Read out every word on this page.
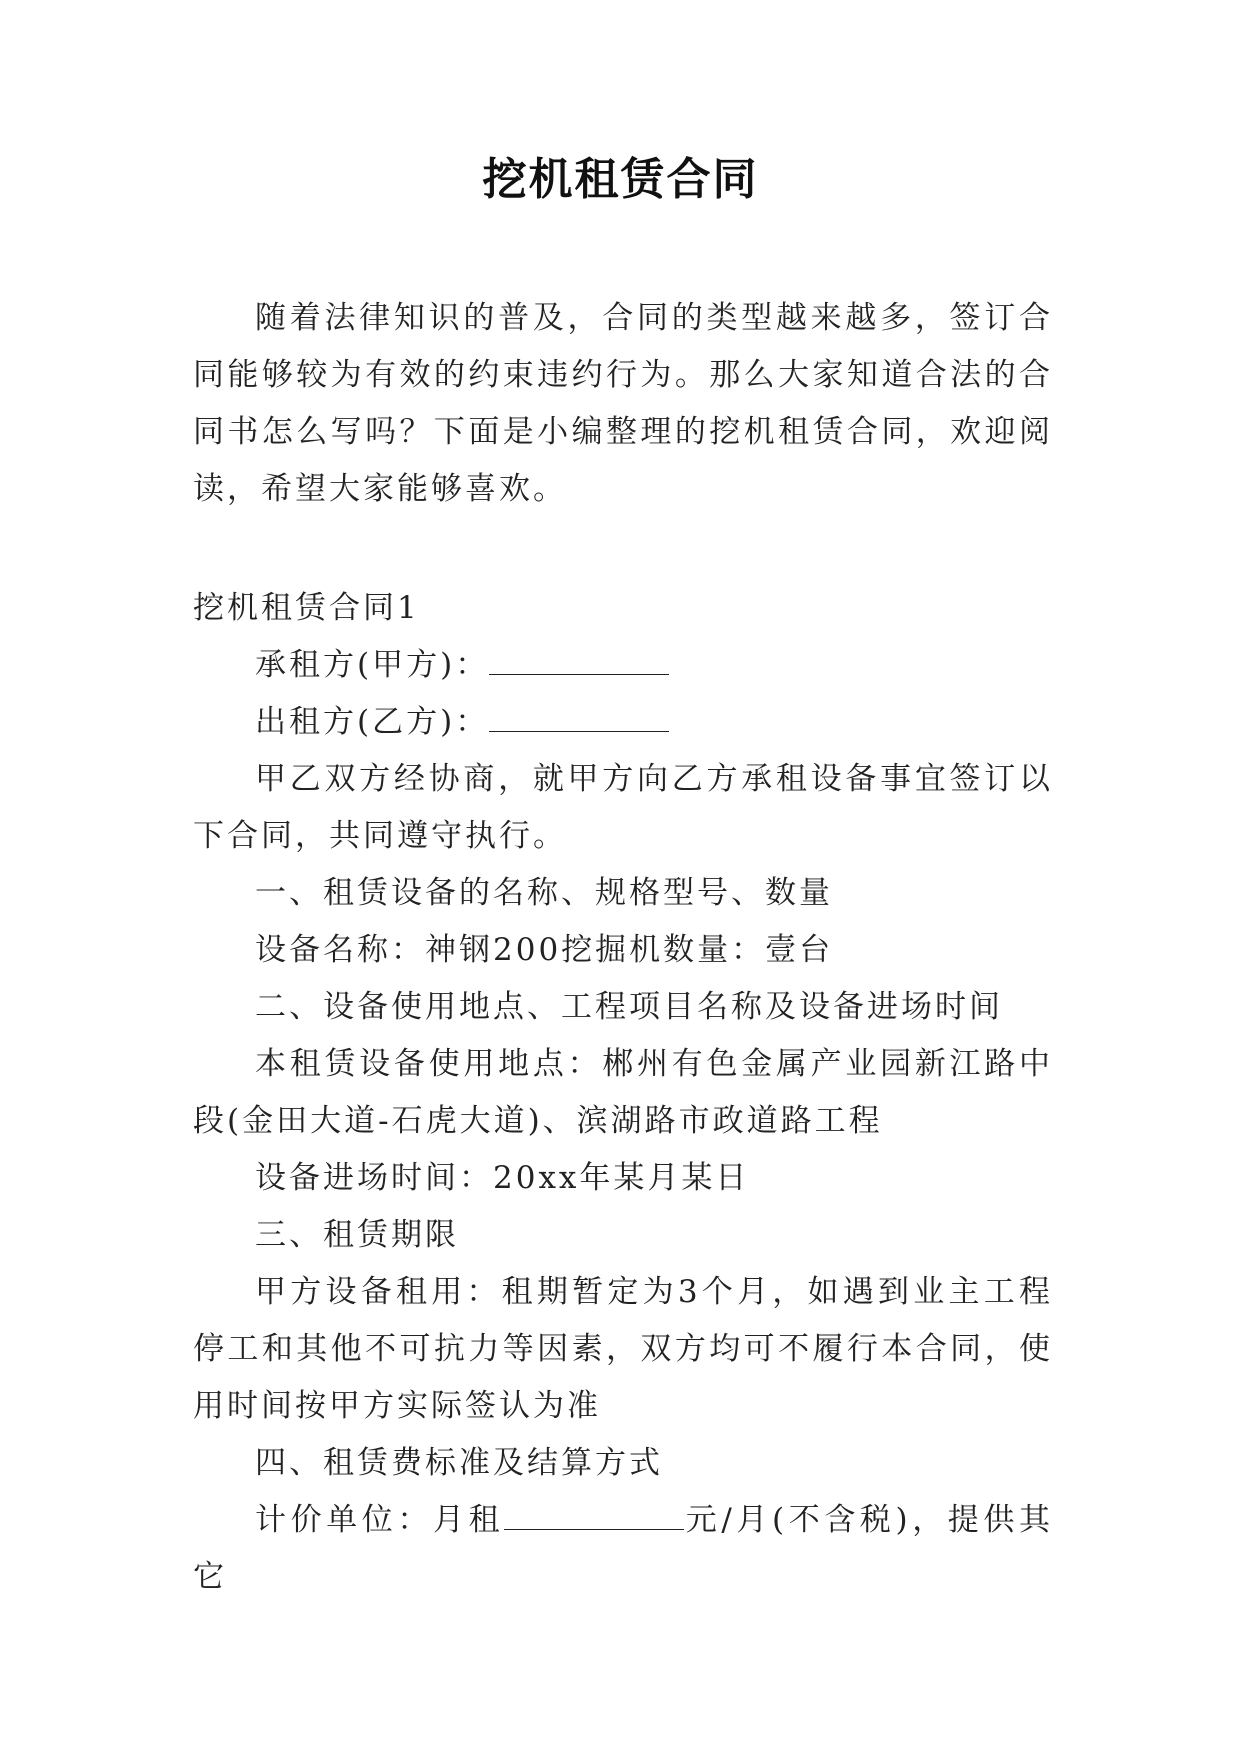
挖机租赁合同

随着法律知识的普及，合同的类型越来越多，签订合同能够较为有效的约束违约行为。那么大家知道合法的合同书怎么写吗？下面是小编整理的挖机租赁合同，欢迎阅读，希望大家能够喜欢。

挖机租赁合同1

承租方(甲方)：

出租方(乙方)：

甲乙双方经协商，就甲方向乙方承租设备事宜签订以下合同，共同遵守执行。

一、租赁设备的名称、规格型号、数量

设备名称：神钢200挖掘机数量：壹台

二、设备使用地点、工程项目名称及设备进场时间

本租赁设备使用地点：郴州有色金属产业园新江路中段(金田大道-石虎大道)、滨湖路市政道路工程

设备进场时间：20xx年某月某日

三、租赁期限

甲方设备租用：租期暂定为3个月，如遇到业主工程停工和其他不可抗力等因素，双方均可不履行本合同，使用时间按甲方实际签认为准

四、租赁费标准及结算方式

计价单位：月租	元/月(不含税)，提供其它
